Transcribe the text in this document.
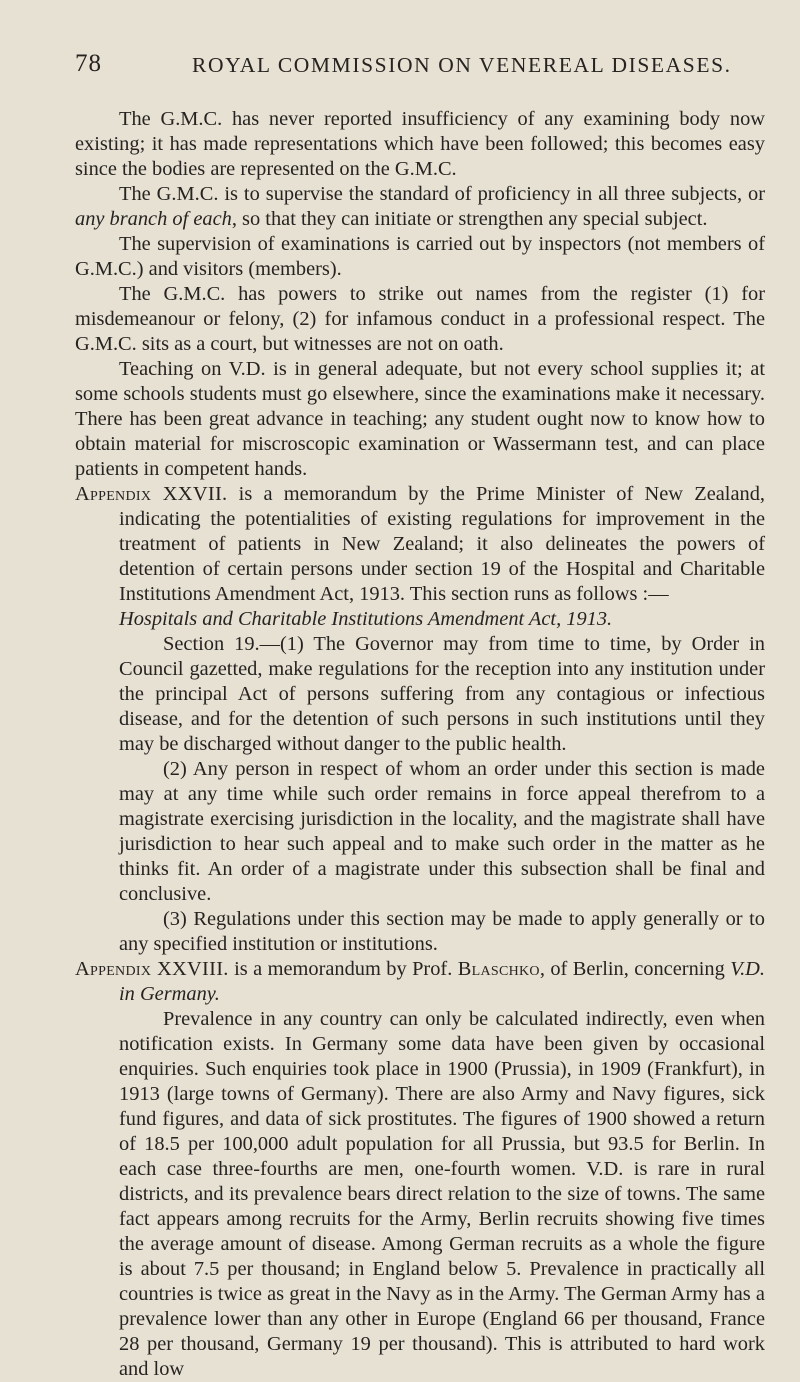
78	ROYAL COMMISSION ON VENEREAL DISEASES.

The G.M.C. has never reported insufficiency of any examining body now existing; it has made representations which have been followed; this becomes easy since the bodies are represented on the G.M.C.

The G.M.C. is to supervise the standard of proficiency in all three subjects, or any branch of each, so that they can initiate or strengthen any special subject.

The supervision of examinations is carried out by inspectors (not members of G.M.C.) and visitors (members).

The G.M.C. has powers to strike out names from the register (1) for misdemeanour or felony, (2) for infamous conduct in a professional respect. The G.M.C. sits as a court, but witnesses are not on oath.

Teaching on V.D. is in general adequate, but not every school supplies it; at some schools students must go elsewhere, since the examinations make it necessary. There has been great advance in teaching; any student ought now to know how to obtain material for miscroscopic examination or Wassermann test, and can place patients in competent hands.

Appendix XXVII. is a memorandum by the Prime Minister of New Zealand, indicating the potentialities of existing regulations for improvement in the treatment of patients in New Zealand; it also delineates the powers of detention of certain persons under section 19 of the Hospital and Charitable Institutions Amendment Act, 1913. This section runs as follows :—

Hospitals and Charitable Institutions Amendment Act, 1913.

Section 19.—(1) The Governor may from time to time, by Order in Council gazetted, make regulations for the reception into any institution under the principal Act of persons suffering from any contagious or infectious disease, and for the detention of such persons in such institutions until they may be discharged without danger to the public health.

(2) Any person in respect of whom an order under this section is made may at any time while such order remains in force appeal therefrom to a magistrate exercising jurisdiction in the locality, and the magistrate shall have jurisdiction to hear such appeal and to make such order in the matter as he thinks fit. An order of a magistrate under this subsection shall be final and conclusive.

(3) Regulations under this section may be made to apply generally or to any specified institution or institutions.

Appendix XXVIII. is a memorandum by Prof. Blaschko, of Berlin, concerning V.D. in Germany.

Prevalence in any country can only be calculated indirectly, even when notification exists. In Germany some data have been given by occasional enquiries. Such enquiries took place in 1900 (Prussia), in 1909 (Frankfurt), in 1913 (large towns of Germany). There are also Army and Navy figures, sick fund figures, and data of sick prostitutes. The figures of 1900 showed a return of 18.5 per 100,000 adult population for all Prussia, but 93.5 for Berlin. In each case three-fourths are men, one-fourth women. V.D. is rare in rural districts, and its prevalence bears direct relation to the size of towns. The same fact appears among recruits for the Army, Berlin recruits showing five times the average amount of disease. Among German recruits as a whole the figure is about 7.5 per thousand; in England below 5. Prevalence in practically all countries is twice as great in the Navy as in the Army. The German Army has a prevalence lower than any other in Europe (England 66 per thousand, France 28 per thousand, Germany 19 per thousand). This is attributed to hard work and low
